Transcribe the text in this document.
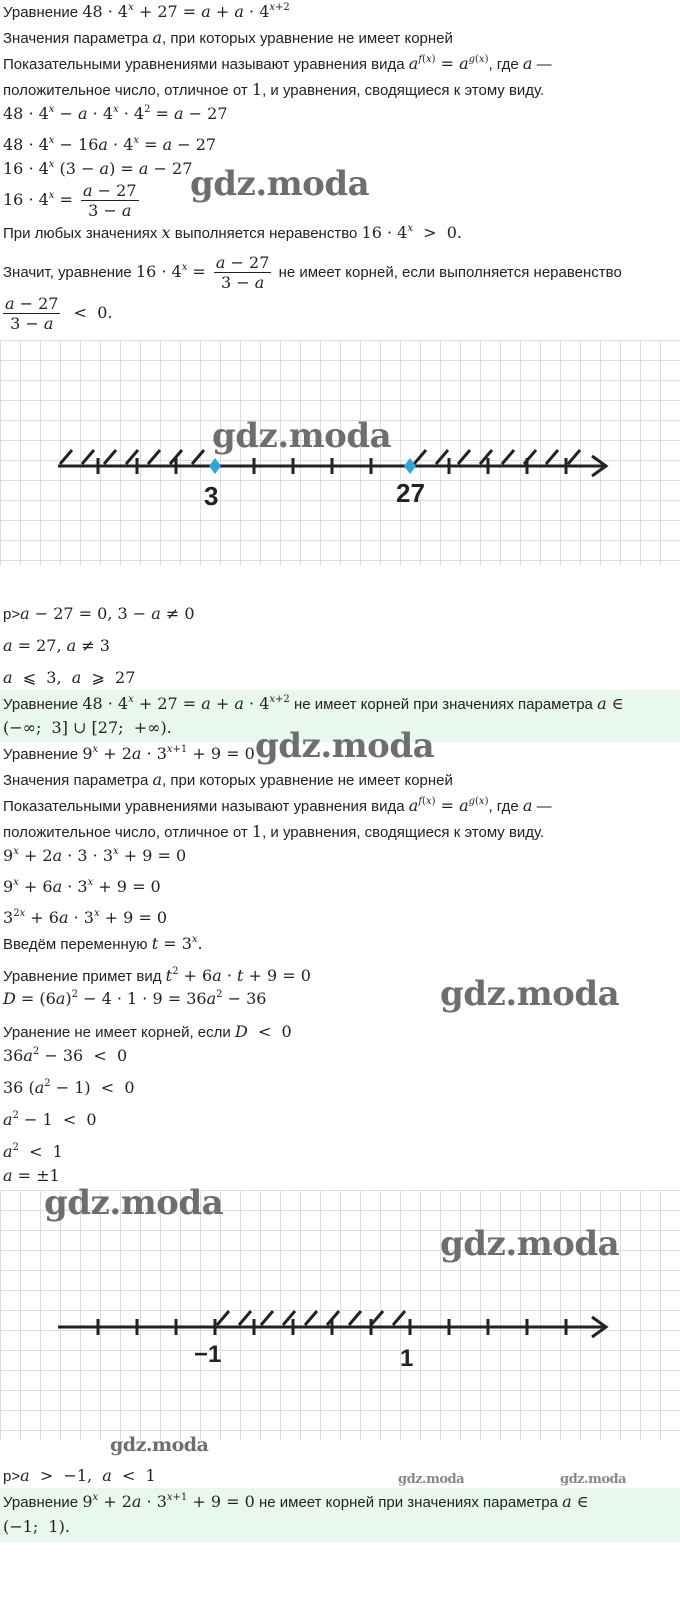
Уравнение $48 \cdot 4^x + 27 = a + a \cdot 4^{x+2}$
Значения параметра a, при которых уравнение не имеет корней
Показательными уравнениями называют уравнения вида $a^{f(x)} = a^{g(x)}$, где a —
положительное число, отличное от 1, и уравнения, сводящиеся к этому виду.
$48 \cdot 4^x - a \cdot 4^x \cdot 4^2 = a - 27$
$48 \cdot 4^x - 16a \cdot 4^x = a - 27$
$16 \cdot 4^x$ (3 − a) = a − 27
$16 \cdot 4^x = \frac{a - 27}{3 - a}$
При любых значениях x выполняется неравенство $16 \cdot 4^x > 0$.
Значит, уравнение $16 \cdot 4^x = \frac{a - 27}{3 - a}$ не имеет корней, если выполняется неравенство
$\frac{a - 27}{3 - a} < 0$.
3	27
p>a − 27 = 0, 3 − a ≠ 0
a = 27, a ≠ 3
a  ⩽  3,  a  ⩾  27
Уравнение $48 \cdot 4^x + 27 = a + a \cdot 4^{x+2}$ не имеет корней при значениях параметра a ∈
(−∞;  3] ∪ [27;  +∞).
Уравнение $9^x + 2a \cdot 3^{x+1} + 9 = 0$
Значения параметра a, при которых уравнение не имеет корней
Показательными уравнениями называют уравнения вида $a^{f(x)} = a^{g(x)}$, где a —
положительное число, отличное от 1, и уравнения, сводящиеся к этому виду.
$9^x + 2a \cdot 3 \cdot 3^x + 9 = 0$
$9^x + 6a \cdot 3^x + 9 = 0$
$3^{2x} + 6a \cdot 3^x + 9 = 0$
Введём переменную $t = 3^x$.
Уравнение примет вид $t^2 + 6a \cdot t + 9 = 0$
$D = (6a)^2 - 4 \cdot 1 \cdot 9 = 36a^2 - 36$
Уранение не имеет корней, если D  <  0
$36a^2 - 36 < 0$
36 $(a^2 - 1) < 0$
$a^2 - 1 < 0$
$a^2 < 1$
a = ±1
−1	1
p>a  >  −1,  a  <  1
Уравнение $9^x + 2a \cdot 3^{x+1} + 9 = 0$ не имеет корней при значениях параметра a ∈
(−1;  1).
gdz.moda
gdz.moda
gdz.moda
gdz.moda
gdz.moda
gdz.moda
gdz.moda
gdz.moda	gdz.moda
